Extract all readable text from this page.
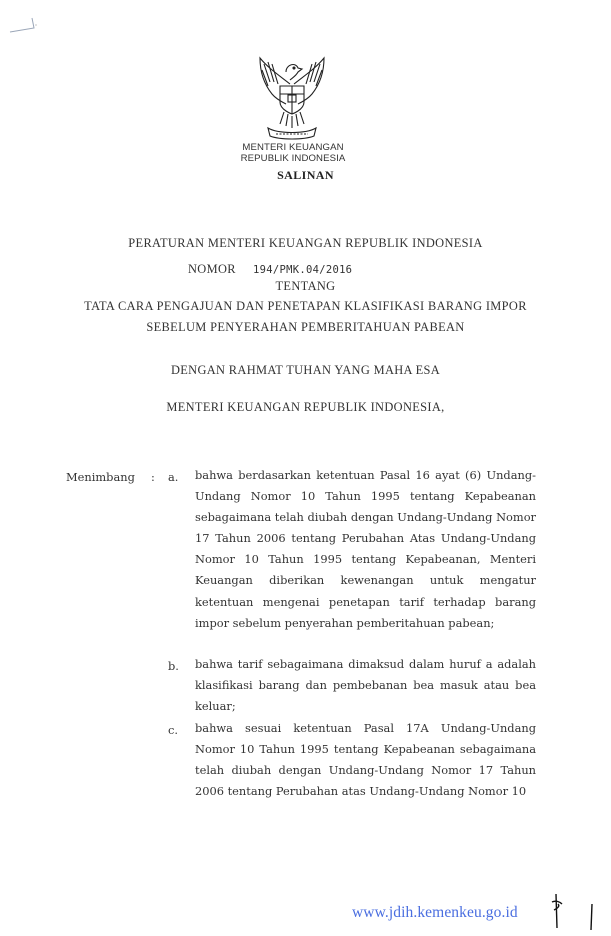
MENTERI KEUANGAN
REPUBLIK INDONESIA
SALINAN
PERATURAN MENTERI KEUANGAN REPUBLIK INDONESIA
NOMOR 194/PMK.04/2016
TENTANG
TATA CARA PENGAJUAN DAN PENETAPAN KLASIFIKASI BARANG IMPOR
SEBELUM PENYERAHAN PEMBERITAHUAN PABEAN
DENGAN RAHMAT TUHAN YANG MAHA ESA
MENTERI KEUANGAN REPUBLIK INDONESIA,
Menimbang : a. bahwa berdasarkan ketentuan Pasal 16 ayat (6) Undang-Undang Nomor 10 Tahun 1995 tentang Kepabeanan sebagaimana telah diubah dengan Undang-Undang Nomor 17 Tahun 2006 tentang Perubahan Atas Undang-Undang Nomor 10 Tahun 1995 tentang Kepabeanan, Menteri Keuangan diberikan kewenangan untuk mengatur ketentuan mengenai penetapan tarif terhadap barang impor sebelum penyerahan pemberitahuan pabean;
b. bahwa tarif sebagaimana dimaksud dalam huruf a adalah klasifikasi barang dan pembebanan bea masuk atau bea keluar;
c. bahwa sesuai ketentuan Pasal 17A Undang-Undang Nomor 10 Tahun 1995 tentang Kepabeanan sebagaimana telah diubah dengan Undang-Undang Nomor 17 Tahun 2006 tentang Perubahan atas Undang-Undang Nomor 10
www.jdih.kemenkeu.go.id
